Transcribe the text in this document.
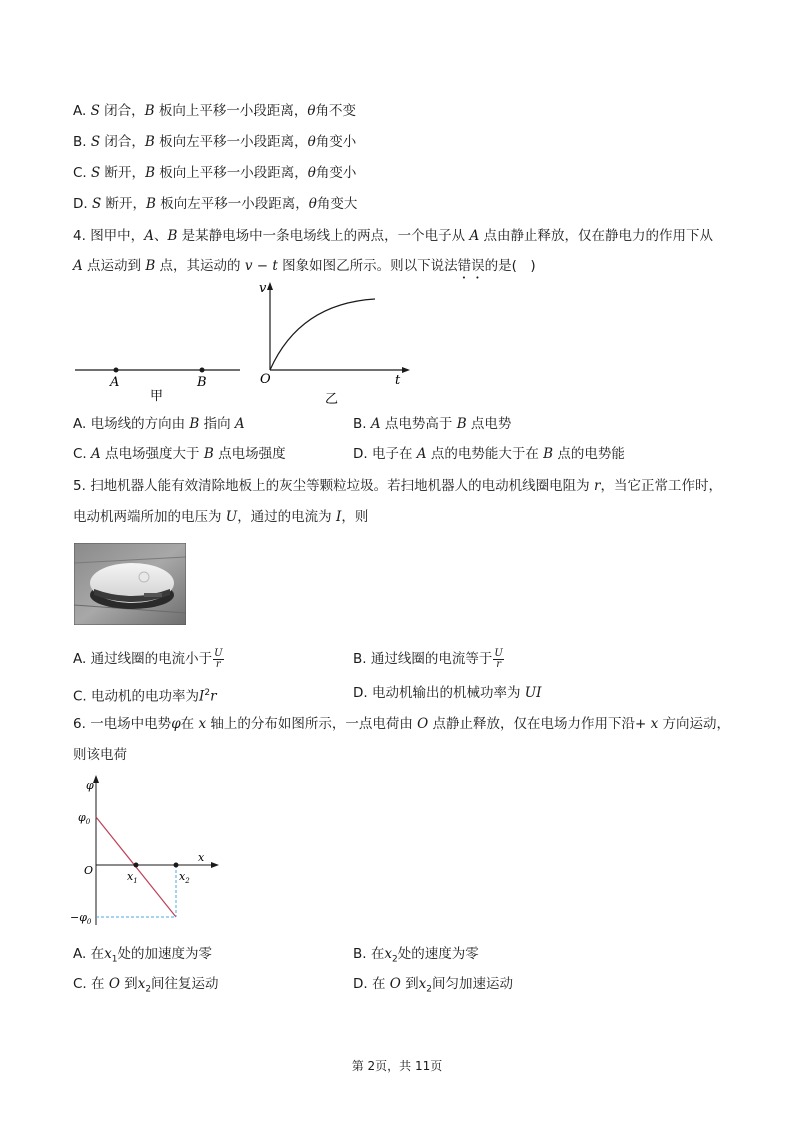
A. S 闭合，B 板向上平移一小段距离，θ角不变
B. S 闭合，B 板向左平移一小段距离，θ角变小
C. S 断开，B 板向上平移一小段距离，θ角变小
D. S 断开，B 板向左平移一小段距离，θ角变大
4. 图甲中，A、B 是某静电场中一条电场线上的两点，一个电子从 A 点由静止释放，仅在静电力的作用下从
A 点运动到 B 点，其运动的 v − t 图象如图乙所示。则以下说法错误的是(　)
A	B
甲
v
t
O
乙
A. 电场线的方向由 B 指向 A	B. A 点电势高于 B 点电势
C. A 点电场强度大于 B 点电场强度	D. 电子在 A 点的电势能大于在 B 点的电势能
5. 扫地机器人能有效清除地板上的灰尘等颗粒垃圾。若扫地机器人的电动机线圈电阻为 r，当它正常工作时，
电动机两端所加的电压为 U，通过的电流为 I，则
A. 通过线圈的电流小于 $\frac{U}{r}$	B. 通过线圈的电流等于 $\frac{U}{r}$
C. 电动机的电功率为$I^2r$	D. 电动机输出的机械功率为 UI
6. 一电场中电势φ在 x 轴上的分布如图所示，一点电荷由 O 点静止释放，仅在电场力作用下沿+ x 方向运动，
则该电荷
φ
$\varphi_0$
$-\varphi_0$
O
x
$x_1$	$x_2$
A. 在$x_1$处的加速度为零	B. 在$x_2$处的速度为零
C. 在 O 到$x_2$间往复运动	D. 在 O 到$x_2$间匀加速运动
第 2页，共 11页
